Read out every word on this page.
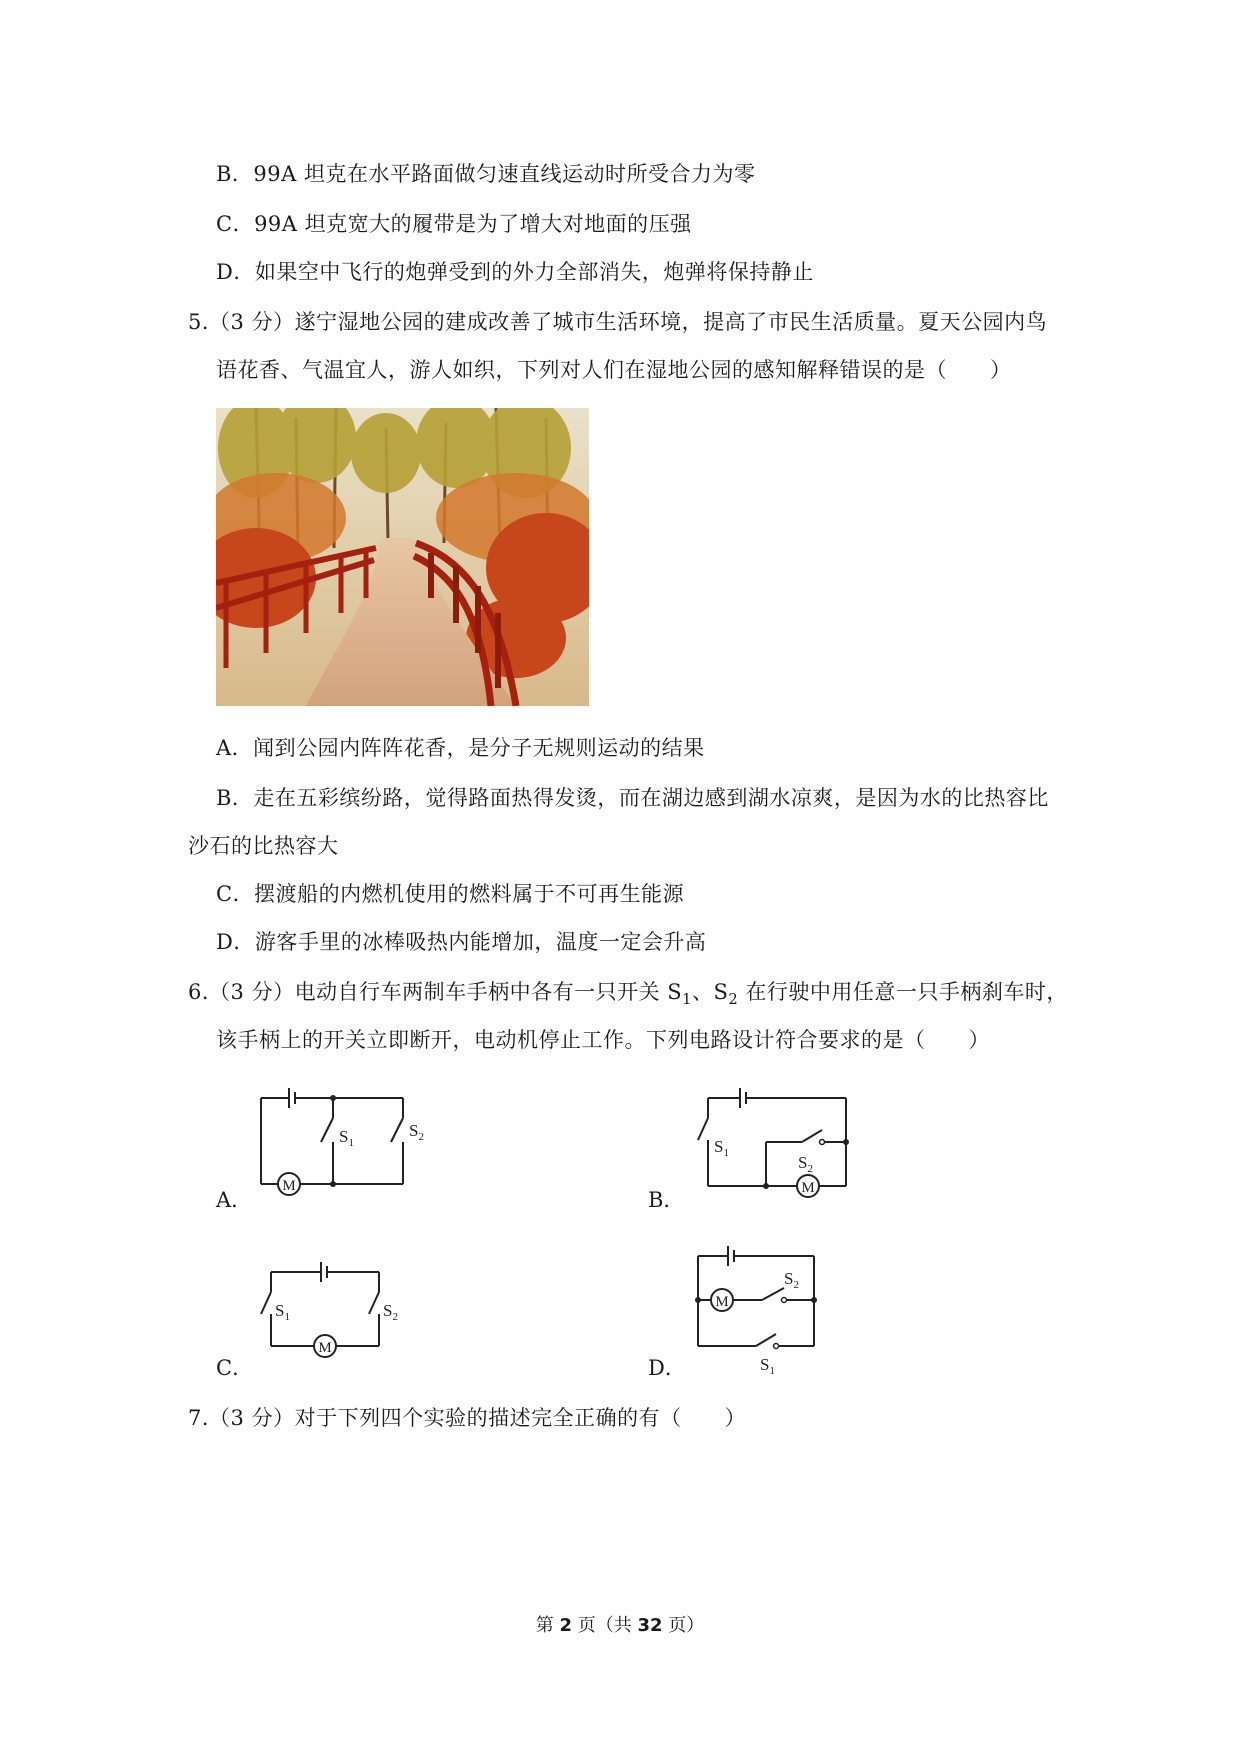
B．99A 坦克在水平路面做匀速直线运动时所受合力为零
C．99A 坦克宽大的履带是为了增大对地面的压强
D．如果空中飞行的炮弹受到的外力全部消失，炮弹将保持静止
5.（3 分）遂宁湿地公园的建成改善了城市生活环境，提高了市民生活质量。夏天公园内鸟
语花香、气温宜人，游人如织，下列对人们在湿地公园的感知解释错误的是（　　）
A．闻到公园内阵阵花香，是分子无规则运动的结果
B．走在五彩缤纷路，觉得路面热得发烫，而在湖边感到湖水凉爽，是因为水的比热容比
沙石的比热容大
C．摆渡船的内燃机使用的燃料属于不可再生能源
D．游客手里的冰棒吸热内能增加，温度一定会升高
6.（3 分）电动自行车两制车手柄中各有一只开关 $S_1$、$S_2$ 在行驶中用任意一只手柄刹车时，
该手柄上的开关立即断开，电动机停止工作。下列电路设计符合要求的是（　　）
A．
M
$S_1$
$S_2$
B．	M
$S_1$	$S_2$
C．
M
$S_1$	$S_2$
D．
M
$S_2$
$S_1$
7.（3 分）对于下列四个实验的描述完全正确的有（　　）
第 2 页（共 32 页）
